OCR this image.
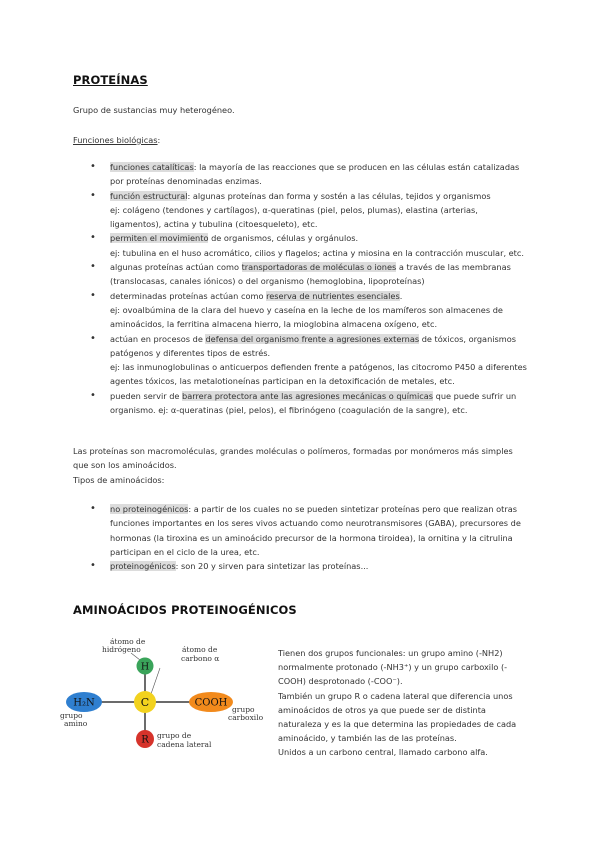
PROTEÍNAS
Grupo de sustancias muy heterogéneo.
Funciones biológicas:
• funciones catalíticas: la mayoría de las reacciones que se producen en las células están catalizadas por proteínas denominadas enzimas.
• función estructural: algunas proteínas dan forma y sostén a las células, tejidos y organismos
ej: colágeno (tendones y cartílagos), α-queratinas (piel, pelos, plumas), elastina (arterias, ligamentos), actina y tubulina (citoesqueleto), etc.
• permiten el movimiento de organismos, células y orgánulos.
ej: tubulina en el huso acromático, cilios y flagelos; actina y miosina en la contracción muscular, etc.
• algunas proteínas actúan como transportadoras de moléculas o iones a través de las membranas (translocasas, canales iónicos) o del organismo (hemoglobina, lipoproteínas)
• determinadas proteínas actúan como reserva de nutrientes esenciales.
ej: ovoalbúmina de la clara del huevo y caseína en la leche de los mamíferos son almacenes de aminoácidos, la ferritina almacena hierro, la mioglobina almacena oxígeno, etc.
• actúan en procesos de defensa del organismo frente a agresiones externas de tóxicos, organismos patógenos y diferentes tipos de estrés.
ej: las inmunoglobulinas o anticuerpos defienden frente a patógenos, las citocromo P450 a diferentes agentes tóxicos, las metalotioneínas participan en la detoxificación de metales, etc.
• pueden servir de barrera protectora ante las agresiones mecánicas o químicas que puede sufrir un organismo. ej: α-queratinas (piel, pelos), el fibrinógeno (coagulación de la sangre), etc.
Las proteínas son macromoléculas, grandes moléculas o polímeros, formadas por monómeros más simples que son los aminoácidos.
Tipos de aminoácidos:
• no proteinogénicos: a partir de los cuales no se pueden sintetizar proteínas pero que realizan otras funciones importantes en los seres vivos actuando como neurotransmisores (GABA), precursores de hormonas (la tiroxina es un aminoácido precursor de la hormona tiroidea), la ornitina y la citrulina participan en el ciclo de la urea, etc.
• proteinogénicos: son 20 y sirven para sintetizar las proteínas...
AMINOÁCIDOS PROTEINOGÉNICOS
H
C	COOH
R
H₂N
átomo de
hidrógeno	átomo de
carbono α
grupo
amino
grupo
carboxilo
grupo de
cadena lateral
Tienen dos grupos funcionales: un grupo amino (-NH2) normalmente protonado (-NH3⁺) y un grupo carboxilo (-COOH) desprotonado (-COO⁻).
También un grupo R o cadena lateral que diferencia unos aminoácidos de otros ya que puede ser de distinta naturaleza y es la que determina las propiedades de cada aminoácido, y también las de las proteínas.
Unidos a un carbono central, llamado carbono alfa.
